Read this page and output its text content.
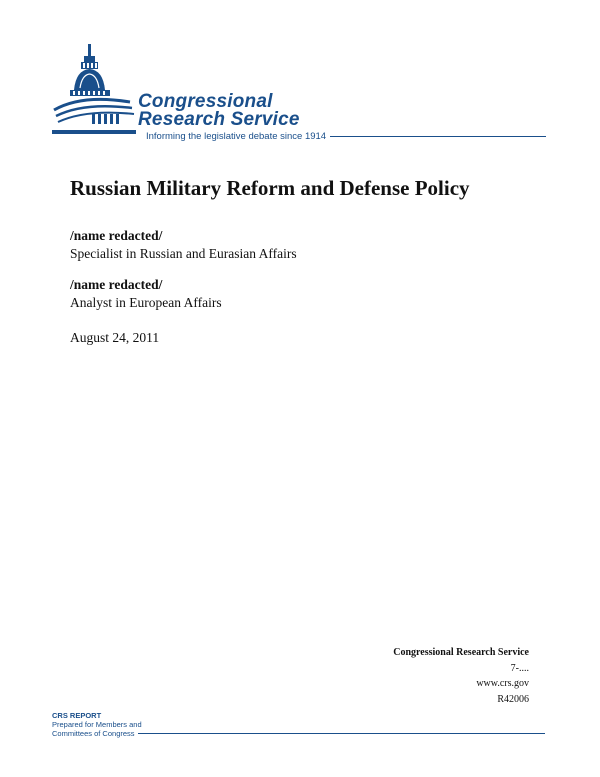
Congressional
Research Service
Informing the legislative debate since 1914
Russian Military Reform and Defense Policy
/name redacted/
Specialist in Russian and Eurasian Affairs
/name redacted/
Analyst in European Affairs
August 24, 2011
Congressional Research Service
7-....
www.crs.gov
R42006
CRS REPORT
Prepared for Members and
Committees of Congress
